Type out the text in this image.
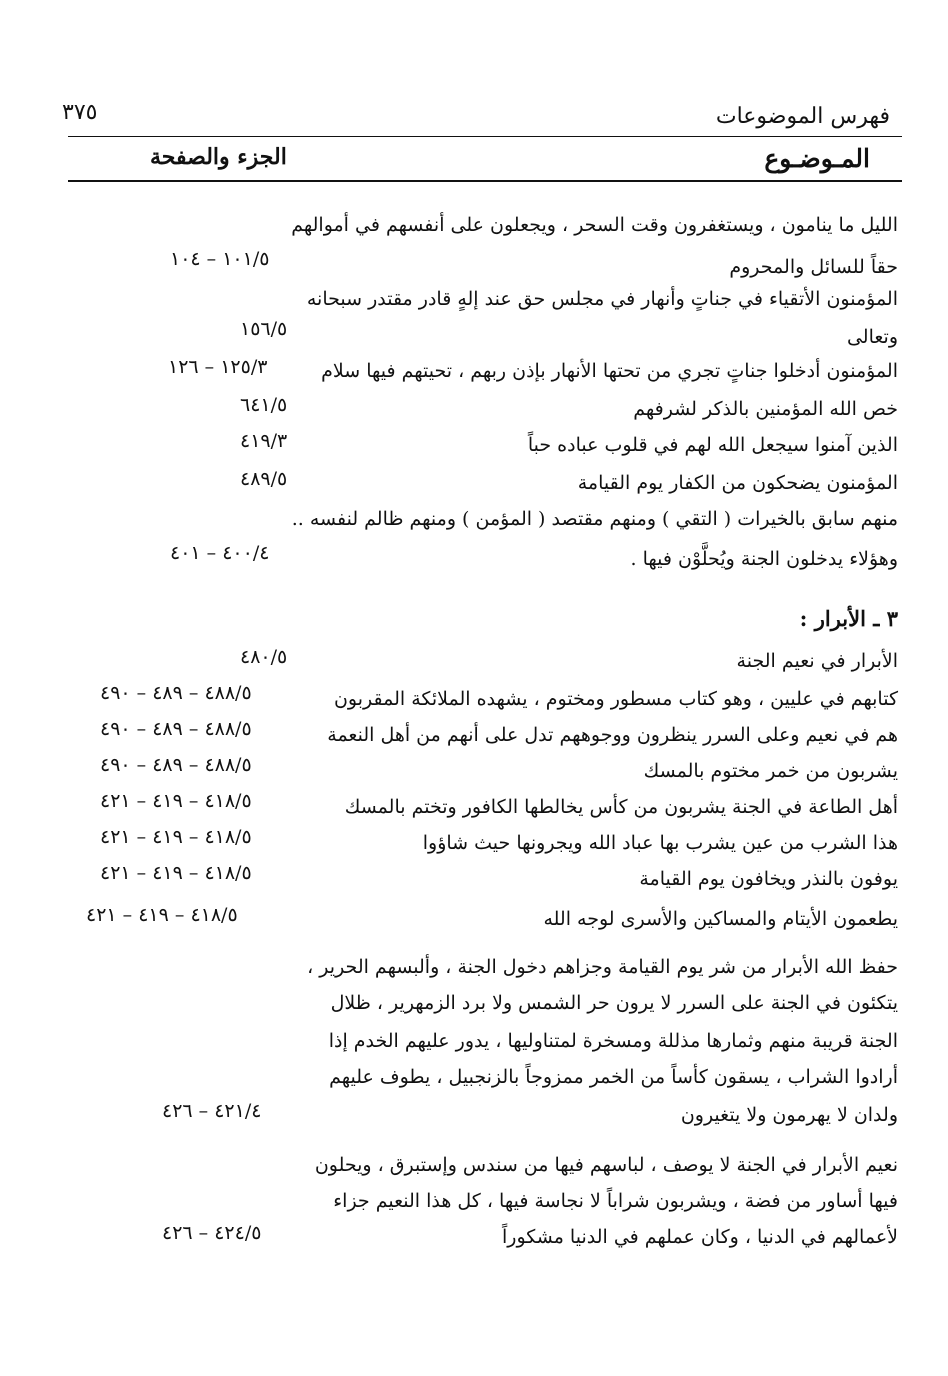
٣٧٥	فهرس الموضوعات
المـوضـوع
الجزء والصفحة
الليل ما ينامون ، ويستغفرون وقت السحر ، ويجعلون على أنفسهم في أموالهم
حقاً للسائل والمحروم
١٠١/٥ – ١٠٤
المؤمنون الأتقياء في جناتٍ وأنهار في مجلس حق عند إلهٍ قادر مقتدر سبحانه
وتعالى
١٥٦/٥
المؤمنون أدخلوا جناتٍ تجري من تحتها الأنهار بإذن ربهم ، تحيتهم فيها سلام
١٢٥/٣ – ١٢٦
خص الله المؤمنين بالذكر لشرفهم
٦٤١/٥
الذين آمنوا سيجعل الله لهم في قلوب عباده حباً
٤١٩/٣
المؤمنون يضحكون من الكفار يوم القيامة
٤٨٩/٥
منهم سابق بالخيرات ( التقي ) ومنهم مقتصد ( المؤمن ) ومنهم ظالم لنفسه ..
وهؤلاء يدخلون الجنة ويُحلَّوْن فيها .
٤٠٠/٤ – ٤٠١
٣ ـ الأبرار :
الأبرار في نعيم الجنة
٤٨٠/٥
كتابهم في عليين ، وهو كتاب مسطور ومختوم ، يشهده الملائكة المقربون
٤٨٨/٥ – ٤٨٩ – ٤٩٠
هم في نعيم وعلى السرر ينظرون ووجوههم تدل على أنهم من أهل النعمة
٤٨٨/٥ – ٤٨٩ – ٤٩٠
يشربون من خمر مختوم بالمسك
٤٨٨/٥ – ٤٨٩ – ٤٩٠
أهل الطاعة في الجنة يشربون من كأس يخالطها الكافور وتختم بالمسك
٤١٨/٥ – ٤١٩ – ٤٢١
هذا الشرب من عين يشرب بها عباد الله ويجرونها حيث شاؤوا
٤١٨/٥ – ٤١٩ – ٤٢١
يوفون بالنذر ويخافون يوم القيامة
٤١٨/٥ – ٤١٩ – ٤٢١
يطعمون الأيتام والمساكين والأسرى لوجه الله
٤١٨/٥ – ٤١٩ – ٤٢١
حفظ الله الأبرار من شر يوم القيامة وجزاهم دخول الجنة ، وألبسهم الحرير ،
يتكئون في الجنة على السرر لا يرون حر الشمس ولا برد الزمهرير ، ظلال
الجنة قريبة منهم وثمارها مذللة ومسخرة لمتناوليها ، يدور عليهم الخدم إذا
أرادوا الشراب ، يسقون كأساً من الخمر ممزوجاً بالزنجبيل ، يطوف عليهم
ولدان لا يهرمون ولا يتغيرون
٤٢١/٤ – ٤٢٦
نعيم الأبرار في الجنة لا يوصف ، لباسهم فيها من سندس وإستبرق ، ويحلون
فيها أساور من فضة ، ويشربون شراباً لا نجاسة فيها ، كل هذا النعيم جزاء
لأعمالهم في الدنيا ، وكان عملهم في الدنيا مشكوراً
٤٢٤/٥ – ٤٢٦
